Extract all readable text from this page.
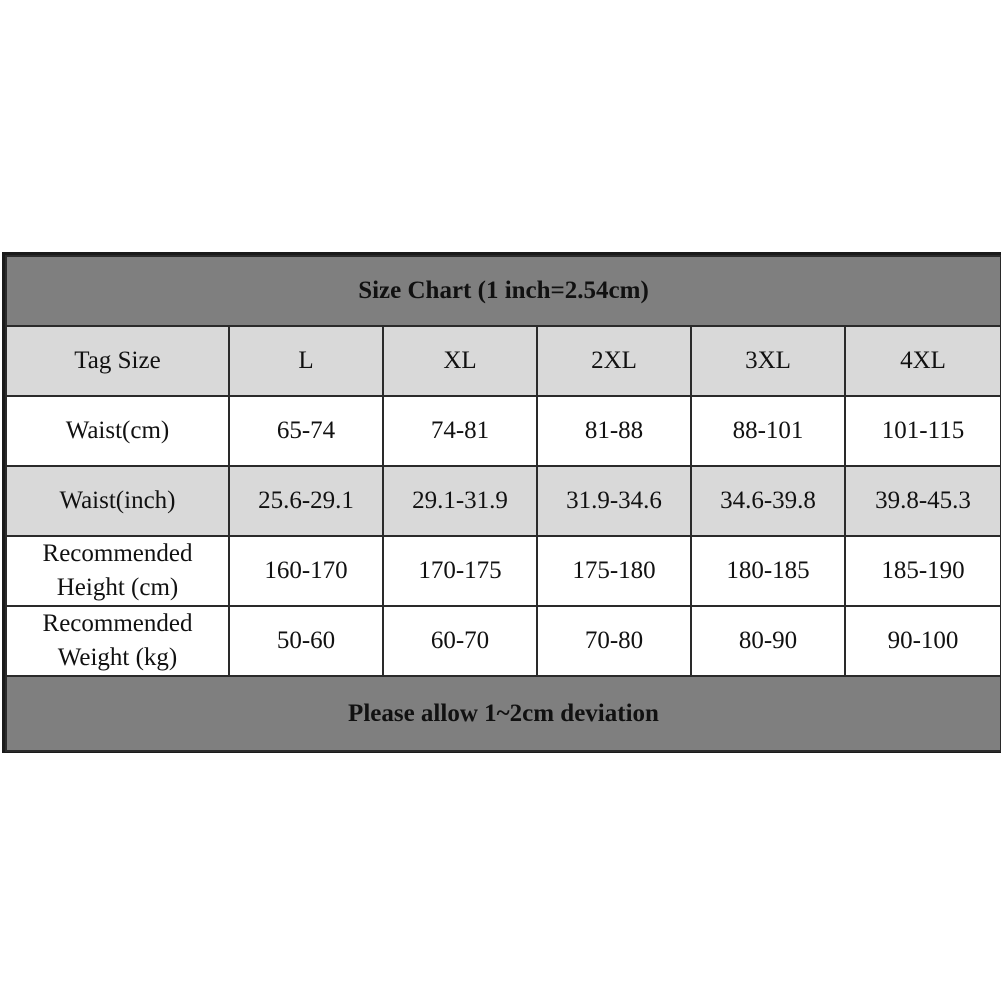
Size Chart (1 inch=2.54cm)					
Tag Size	L	XL	2XL	3XL	4XL
Waist(cm)	65-74	74-81	81-88	88-101	101-115
Waist(inch)	25.6-29.1	29.1-31.9	31.9-34.6	34.6-39.8	39.8-45.3

Recommended
Height (cm)	160-170	170-175	175-180	180-185	185-190

Recommended
Weight (kg)	50-60	60-70	70-80	80-90	90-100
Please allow 1~2cm deviation					
